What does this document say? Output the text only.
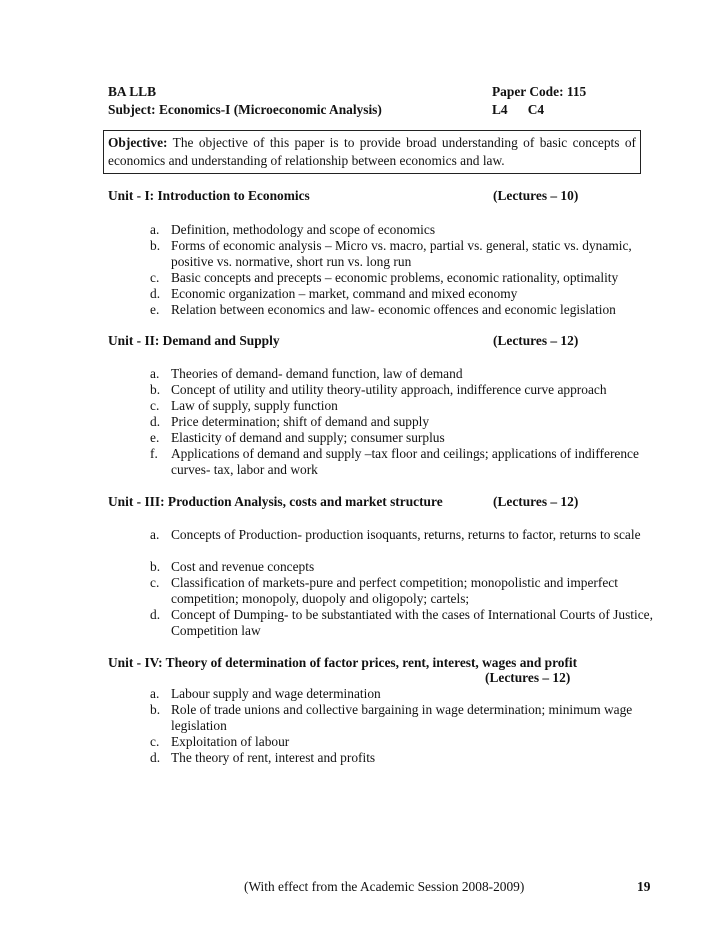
BA LLB	Paper Code: 115
Subject: Economics-I (Microeconomic Analysis)	L4      C4
Objective: The objective of this paper is to provide broad understanding of basic concepts of economics and understanding of relationship between economics and law.
Unit - I: Introduction to Economics	(Lectures – 10)
a. Definition, methodology and scope of economics
b. Forms of economic analysis – Micro vs. macro, partial vs. general, static vs. dynamic, positive vs. normative, short run vs. long run
c. Basic concepts and precepts – economic problems, economic rationality, optimality
d. Economic organization – market, command and mixed economy
e. Relation between economics and law- economic offences and economic legislation
Unit - II: Demand and Supply	(Lectures – 12)
a. Theories of demand- demand function, law of demand
b. Concept of utility and utility theory-utility approach, indifference curve approach
c. Law of supply, supply function
d. Price determination; shift of demand and supply
e. Elasticity of demand and supply; consumer surplus
f. Applications of demand and supply –tax floor and ceilings; applications of indifference curves- tax, labor and work
Unit - III: Production Analysis, costs and market structure	(Lectures – 12)
a. Concepts of Production- production isoquants, returns, returns to factor, returns to scale
b. Cost and revenue concepts
c. Classification of markets-pure and perfect competition; monopolistic and imperfect competition; monopoly, duopoly and oligopoly; cartels;
d. Concept of Dumping- to be substantiated with the cases of International Courts of Justice, Competition law
Unit - IV: Theory of determination of factor prices, rent, interest, wages and profit
(Lectures – 12)
a. Labour supply and wage determination
b. Role of trade unions and collective bargaining in wage determination; minimum wage legislation
c. Exploitation of labour
d. The theory of rent, interest and profits
(With effect from the Academic Session 2008-2009)	19
